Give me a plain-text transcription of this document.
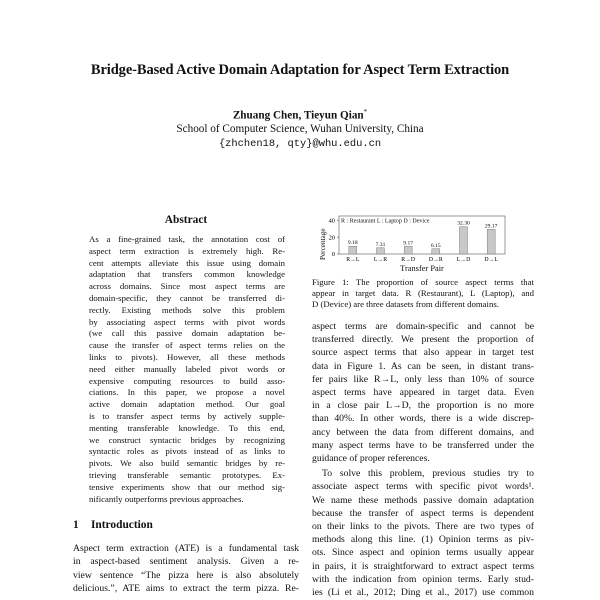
Bridge-Based Active Domain Adaptation for Aspect Term Extraction
Zhuang Chen, Tieyun Qian*
School of Computer Science, Wuhan University, China
{zhchen18, qty}@whu.edu.cn
Abstract
As a fine-grained task, the annotation cost of
aspect term extraction is extremely high. Re-
cent attempts alleviate this issue using domain
adaptation that transfers common knowledge
across domains. Since most aspect terms are
domain-specific, they cannot be transferred di-
rectly. Existing methods solve this problem
by associating aspect terms with pivot words
(we call this passive domain adaptation be-
cause the transfer of aspect terms relies on the
links to pivots). However, all these methods
need either manually labeled pivot words or
expensive computing resources to build asso-
ciations. In this paper, we propose a novel
active domain adaptation method. Our goal
is to transfer aspect terms by actively supple-
menting transferable knowledge. To this end,
we construct syntactic bridges by recognizing
syntactic roles as pivots instead of as links to
pivots. We also build semantic bridges by re-
trieving transferable semantic prototypes. Ex-
tensive experiments show that our method sig-
nificantly outperforms previous approaches.
1 Introduction
Aspect term extraction (ATE) is a fundamental task
in aspect-based sentiment analysis. Given a re-
view sentence “The pizza here is also absolutely
delicious.”, ATE aims to extract the term pizza. Re-
Percentage 0
20
40 R : Restaurant L : Laptop D : Device
9.18
R→L
7.31
L→R
9.17
R→D
6.15
D→R
32.30
L→D
29.17
D→L
Transfer Pair
Figure 1: The proportion of source aspect terms that
appear in target data. R (Restaurant), L (Laptop), and
D (Device) are three datasets from different domains.
aspect terms are domain-specific and cannot be
transferred directly. We present the proportion of
source aspect terms that also appear in target test
data in Figure 1. As can be seen, in distant trans-
fer pairs like R→L, only less than 10% of source
aspect terms have appeared in target data. Even
in a close pair L→D, the proportion is no more
than 40%. In other words, there is a wide discrep-
ancy between the data from different domains, and
many aspect terms have to be transferred under the
guidance of proper references.
To solve this problem, previous studies try to
associate aspect terms with specific pivot words¹.
We name these methods passive domain adaptation
because the transfer of aspect terms is dependent
on their links to the pivots. There are two types of
methods along this line. (1) Opinion terms as piv-
ots. Since aspect and opinion terms usually appear
in pairs, it is straightforward to extract aspect terms
with the indication from opinion terms. Early stud-
ies (Li et al., 2012; Ding et al., 2017) use common
